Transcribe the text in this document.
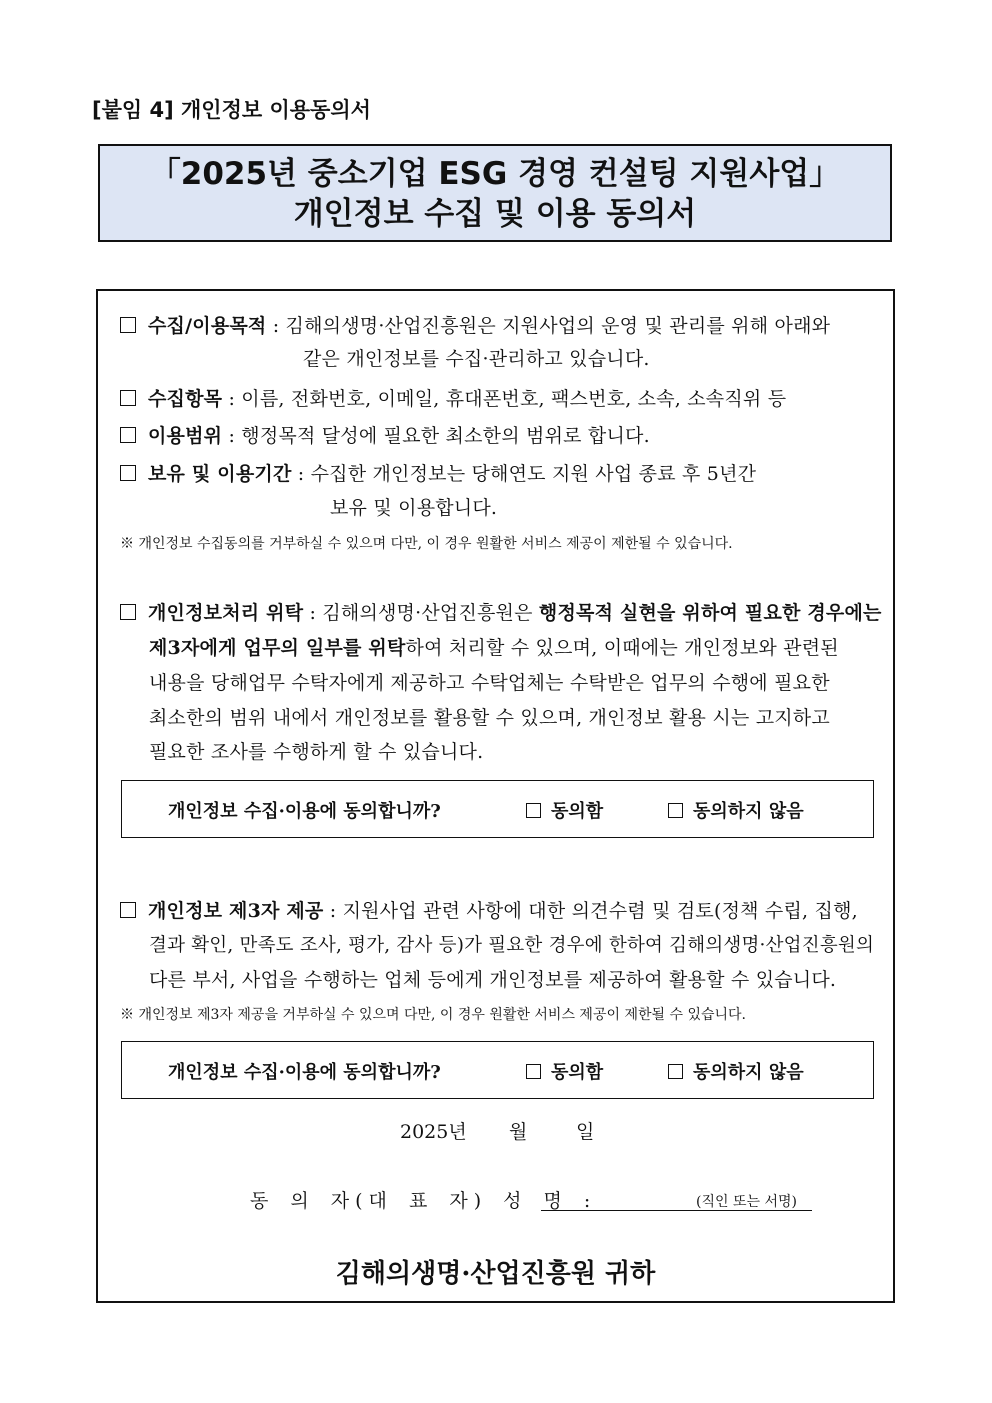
[붙임 4] 개인정보 이용동의서
「2025년 중소기업 ESG 경영 컨설팅 지원사업」
개인정보 수집 및 이용 동의서
수집/이용목적 : 김해의생명·산업진흥원은 지원사업의 운영 및 관리를 위해 아래와
같은 개인정보를 수집·관리하고 있습니다.
수집항목 : 이름, 전화번호, 이메일, 휴대폰번호, 팩스번호, 소속, 소속직위 등
이용범위 : 행정목적 달성에 필요한 최소한의 범위로 합니다.
보유 및 이용기간 : 수집한 개인정보는 당해연도 지원 사업 종료 후 5년간
보유 및 이용합니다.
※ 개인정보 수집동의를 거부하실 수 있으며 다만, 이 경우 원활한 서비스 제공이 제한될 수 있습니다.
개인정보처리 위탁 : 김해의생명·산업진흥원은 행정목적 실현을 위하여 필요한 경우에는
제3자에게 업무의 일부를 위탁하여 처리할 수 있으며, 이때에는 개인정보와 관련된
내용을 당해업무 수탁자에게 제공하고 수탁업체는 수탁받은 업무의 수행에 필요한
최소한의 범위 내에서 개인정보를 활용할 수 있으며, 개인정보 활용 시는 고지하고
필요한 조사를 수행하게 할 수 있습니다.
개인정보 수집·이용에 동의합니까?	동의함	동의하지 않음
개인정보 제3자 제공 : 지원사업 관련 사항에 대한 의견수렴 및 검토(정책 수립, 집행,
결과 확인, 만족도 조사, 평가, 감사 등)가 필요한 경우에 한하여 김해의생명·산업진흥원의
다른 부서, 사업을 수행하는 업체 등에게 개인정보를 제공하여 활용할 수 있습니다.
※ 개인정보 제3자 제공을 거부하실 수 있으며 다만, 이 경우 원활한 서비스 제공이 제한될 수 있습니다.
개인정보 수집·이용에 동의합니까?	동의함	동의하지 않음
2025년 월	일
동 의 자(대 표 자) 성 명 :	(직인 또는 서명)
김해의생명·산업진흥원 귀하
